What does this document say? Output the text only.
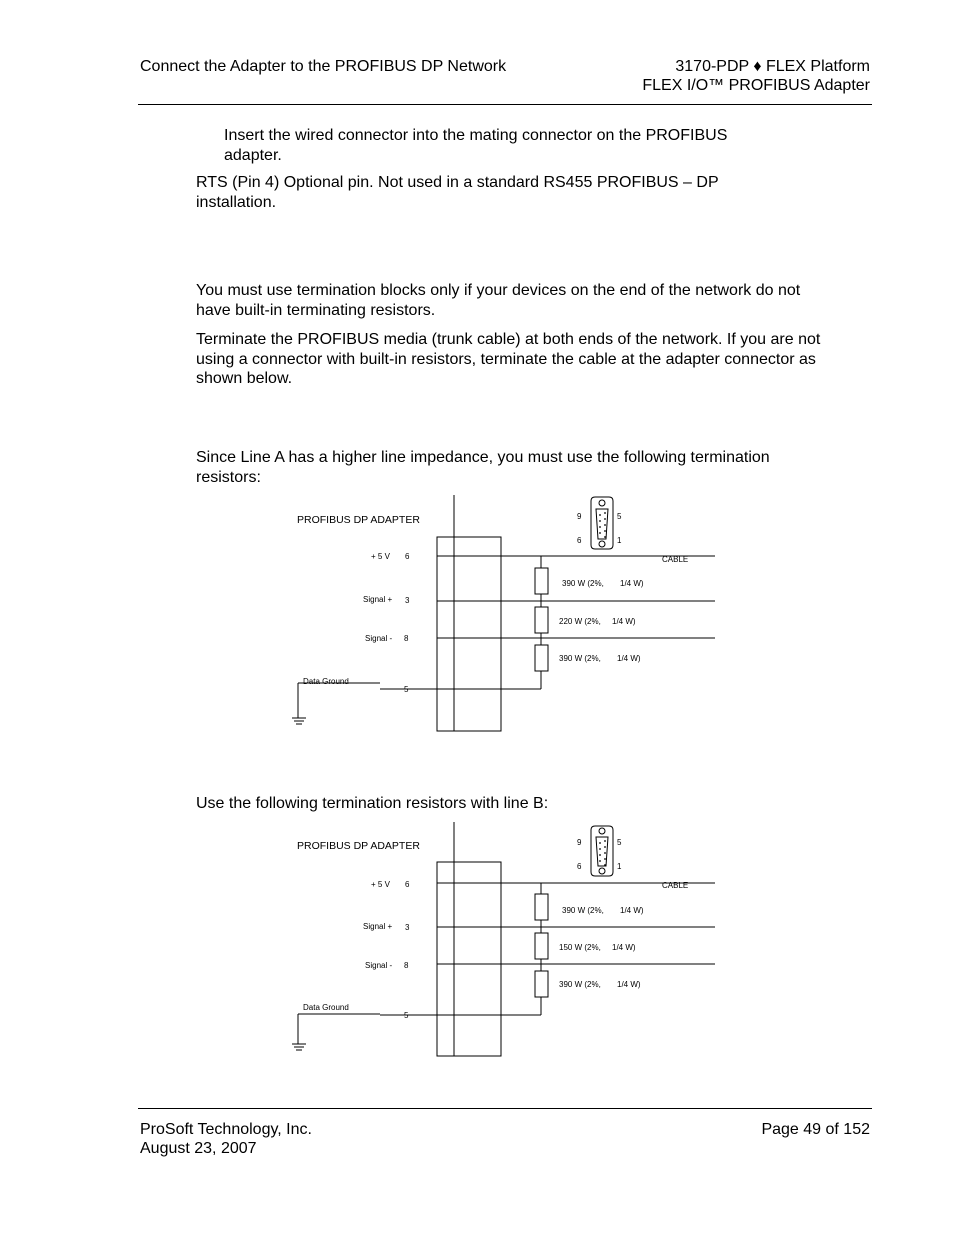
Connect the Adapter to the PROFIBUS DP Network	3170-PDP ♦ FLEX Platform
FLEX I/O™ PROFIBUS Adapter
Insert the wired connector into the mating connector on the PROFIBUS adapter.
RTS (Pin 4) Optional pin. Not used in a standard RS455 PROFIBUS – DP installation.
You must use termination blocks only if your devices on the end of the network do not have built-in terminating resistors.
Terminate the PROFIBUS media (trunk cable) at both ends of the network. If you are not using a connector with built-in resistors, terminate the cable at the adapter connector as shown below.
Since Line A has a higher line impedance, you must use the following termination resistors:
PROFIBUS DP ADAPTER	9	5
6	1
CABLE
+ 5 V 6
Signal + 3
Signal - 8
Data Ground
5
390 W (2%, 1/4 W)
220 W (2%, 1/4 W)
390 W (2%, 1/4 W)
Use the following termination resistors with line B:
PROFIBUS DP ADAPTER	9	5
6	1
CABLE
+ 5 V 6
Signal + 3
Signal - 8
Data Ground
5
390 W (2%, 1/4 W)
150 W (2%, 1/4 W)
390 W (2%, 1/4 W)
ProSoft Technology, Inc.
August 23, 2007
Page 49 of 152
